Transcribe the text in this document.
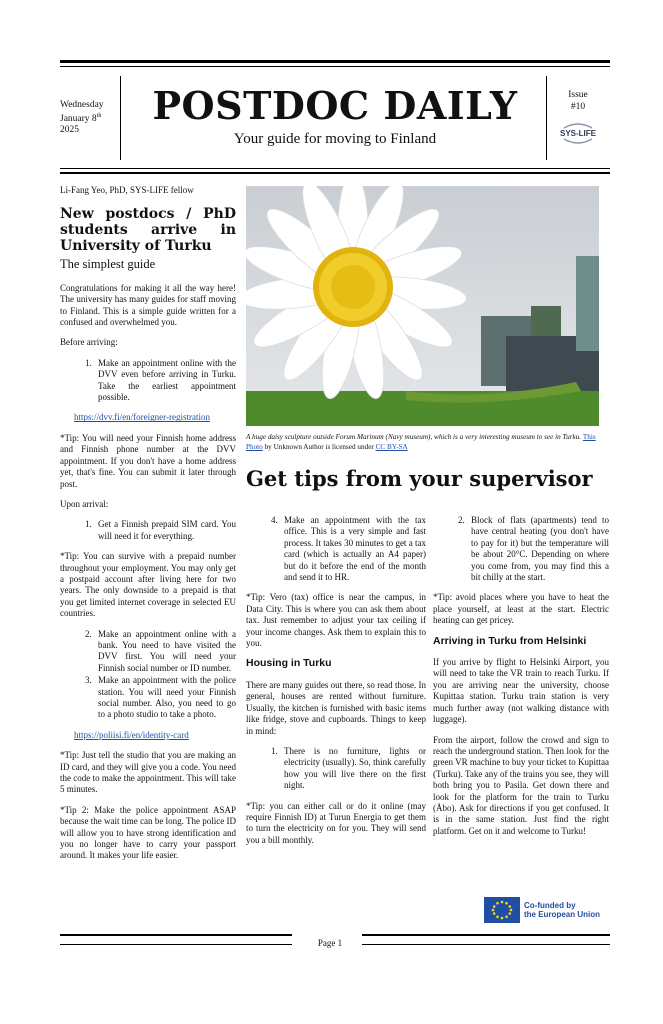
Wednesday
January 8th
2025
POSTDOC DAILY
Your guide for moving to Finland
Issue
#10
SYS-LIFE

Li-Fang Yeo, PhD, SYS-LIFE fellow

New postdocs / PhD students arrive in University of Turku

The simplest guide

Congratulations for making it all the way here! The university has many guides for staff moving to Finland. This is a simple guide written for a confused and overwhelmed you.

Before arriving:

1. Make an appointment online with the DVV even before arriving in Turku. Take the earliest appointment possible.
https://dvv.fi/en/foreigner-registration

*Tip: You will need your Finnish home address and Finnish phone number at the DVV appointment. If you don't have a home address yet, that's fine. You can submit it later through post.

Upon arrival:

1. Get a Finnish prepaid SIM card. You will need it for everything.

*Tip: You can survive with a prepaid number throughout your employment. You may only get a postpaid account after living here for two years. The only downside to a prepaid is that you get limited internet coverage in selected EU countries.

2. Make an appointment online with a bank. You need to have visited the DVV first. You will need your Finnish social number or ID number.
3. Make an appointment with the police station. You will need your Finnish social number. Also, you need to go to a photo studio to take a photo.
https://poliisi.fi/en/identity-card

*Tip: Just tell the studio that you are making an ID card, and they will give you a code. You need the code to make the appointment. This will take 5 minutes.

*Tip 2: Make the police appointment ASAP because the wait time can be long. The police ID will allow you to have strong identification and you no longer have to carry your passport around. It makes your life easier.

A huge daisy sculpture outside Forum Marinum (Navy museum), which is a very interesting museum to see in Turku. This Photo by Unknown Author is licensed under CC BY-SA
Get tips from your supervisor
4. Make an appointment with the tax office. This is a very simple and fast process. It takes 30 minutes to get a tax card (which is actually an A4 paper) but do it before the end of the month and send it to HR.

*Tip: Vero (tax) office is near the campus, in Data City. This is where you can ask them about tax. Just remember to adjust your tax ceiling if your income changes. Ask them to explain this to you.

Housing in Turku

There are many guides out there, so read those. In general, houses are rented without furniture. Usually, the kitchen is furnished with basic items like fridge, stove and cupboards. Things to keep in mind:

1. There is no furniture, lights or electricity (usually). So, think carefully how you will live there on the first night.

*Tip: you can either call or do it online (may require Finnish ID) at Turun Energia to get them to turn the electricity on for you. They will send you a bill monthly.

2. Block of flats (apartments) tend to have central heating (you don't have to pay for it) but the temperature will be about 20°C. Depending on where you come from, you may find this a bit chilly at the start.

*Tip: avoid places where you have to heat the place yourself, at least at the start. Electric heating can get pricey.

Arriving in Turku from Helsinki

If you arrive by flight to Helsinki Airport, you will need to take the VR train to reach Turku. If you are arriving near the university, choose Kupittaa station. Turku train station is very much further away (not walking distance with luggage).

From the airport, follow the crowd and sign to reach the underground station. Then look for the green VR machine to buy your ticket to Kupittaa (Turku). Take any of the trains you see, they will both bring you to Pasila. Get down there and look for the platform for the train to Turku (Åbo). Ask for directions if you get confused. It is in the same station. Just find the right platform. Get on it and welcome to Turku!

Co-funded by
the European Union
Page 1
